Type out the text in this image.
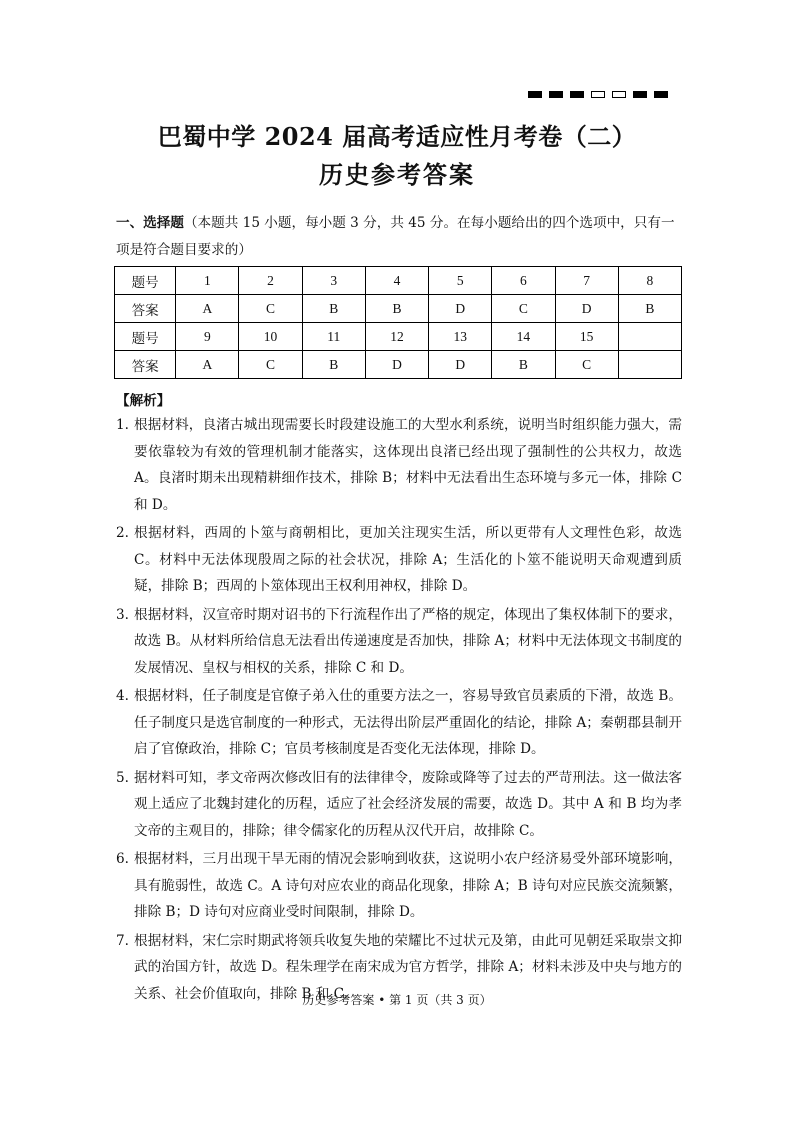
巴蜀中学 2024 届高考适应性月考卷（二）
历史参考答案
一、选择题（本题共 15 小题，每小题 3 分，共 45 分。在每小题给出的四个选项中，只有一项是符合题目要求的）
题号	1	2	3	4	5	6	7	8
答案	A	C	B	B	D	C	D	B
题号	9	10	11	12	13	14	15	
答案	A	C	B	D	D	B	C	
【解析】
1. 根据材料，良渚古城出现需要长时段建设施工的大型水利系统，说明当时组织能力强大，需要依靠较为有效的管理机制才能落实，这体现出良渚已经出现了强制性的公共权力，故选 A。良渚时期未出现精耕细作技术，排除 B；材料中无法看出生态环境与多元一体，排除 C 和 D。
2. 根据材料，西周的卜筮与商朝相比，更加关注现实生活，所以更带有人文理性色彩，故选 C。材料中无法体现殷周之际的社会状况，排除 A；生活化的卜筮不能说明天命观遭到质疑，排除 B；西周的卜筮体现出王权利用神权，排除 D。
3. 根据材料，汉宣帝时期对诏书的下行流程作出了严格的规定，体现出了集权体制下的要求，故选 B。从材料所给信息无法看出传递速度是否加快，排除 A；材料中无法体现文书制度的发展情况、皇权与相权的关系，排除 C 和 D。
4. 根据材料，任子制度是官僚子弟入仕的重要方法之一，容易导致官员素质的下滑，故选 B。任子制度只是选官制度的一种形式，无法得出阶层严重固化的结论，排除 A；秦朝郡县制开启了官僚政治，排除 C；官员考核制度是否变化无法体现，排除 D。
5. 据材料可知，孝文帝两次修改旧有的法律律令，废除或降等了过去的严苛刑法。这一做法客观上适应了北魏封建化的历程，适应了社会经济发展的需要，故选 D。其中 A 和 B 均为孝文帝的主观目的，排除；律令儒家化的历程从汉代开启，故排除 C。
6. 根据材料，三月出现干旱无雨的情况会影响到收获，这说明小农户经济易受外部环境影响，具有脆弱性，故选 C。A 诗句对应农业的商品化现象，排除 A；B 诗句对应民族交流频繁，排除 B；D 诗句对应商业受时间限制，排除 D。
7. 根据材料，宋仁宗时期武将领兵收复失地的荣耀比不过状元及第，由此可见朝廷采取崇文抑武的治国方针，故选 D。程朱理学在南宋成为官方哲学，排除 A；材料未涉及中央与地方的关系、社会价值取向，排除 B 和 C。
历史参考答案 • 第 1 页（共 3 页）
